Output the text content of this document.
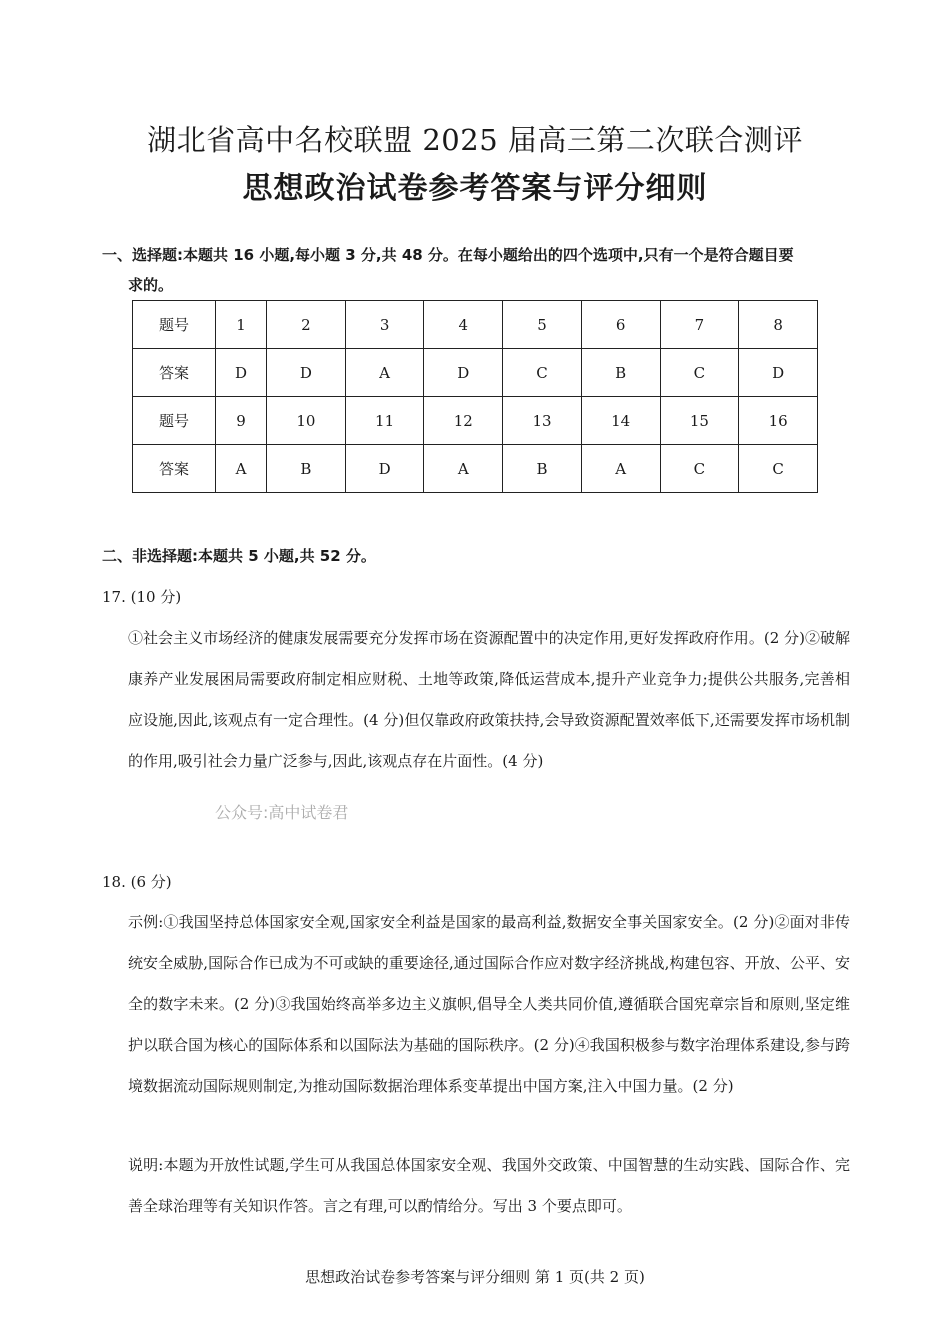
湖北省高中名校联盟 2025 届高三第二次联合测评
思想政治试卷参考答案与评分细则
一、选择题:本题共 16 小题,每小题 3 分,共 48 分。在每小题给出的四个选项中,只有一个是符合题目要
求的。
题号	1	2	3	4	5	6	7	8
答案	D	D	A	D	C	B	C	D
题号	9	10	11	12	13	14	15	16
答案	A	B	D	A	B	A	C	C
二、非选择题:本题共 5 小题,共 52 分。
17. (10 分)
①社会主义市场经济的健康发展需要充分发挥市场在资源配置中的决定作用,更好发挥政府作用。(2 分)②破解康养产业发展困局需要政府制定相应财税、土地等政策,降低运营成本,提升产业竞争力;提供公共服务,完善相应设施,因此,该观点有一定合理性。(4 分)但仅靠政府政策扶持,会导致资源配置效率低下,还需要发挥市场机制的作用,吸引社会力量广泛参与,因此,该观点存在片面性。(4 分)
公众号:高中试卷君
18. (6 分)
示例:①我国坚持总体国家安全观,国家安全利益是国家的最高利益,数据安全事关国家安全。(2 分)②面对非传统安全威胁,国际合作已成为不可或缺的重要途径,通过国际合作应对数字经济挑战,构建包容、开放、公平、安全的数字未来。(2 分)③我国始终高举多边主义旗帜,倡导全人类共同价值,遵循联合国宪章宗旨和原则,坚定维护以联合国为核心的国际体系和以国际法为基础的国际秩序。(2 分)④我国积极参与数字治理体系建设,参与跨境数据流动国际规则制定,为推动国际数据治理体系变革提出中国方案,注入中国力量。(2 分)
说明:本题为开放性试题,学生可从我国总体国家安全观、我国外交政策、中国智慧的生动实践、国际合作、完善全球治理等有关知识作答。言之有理,可以酌情给分。写出 3 个要点即可。
思想政治试卷参考答案与评分细则 第 1 页(共 2 页)
